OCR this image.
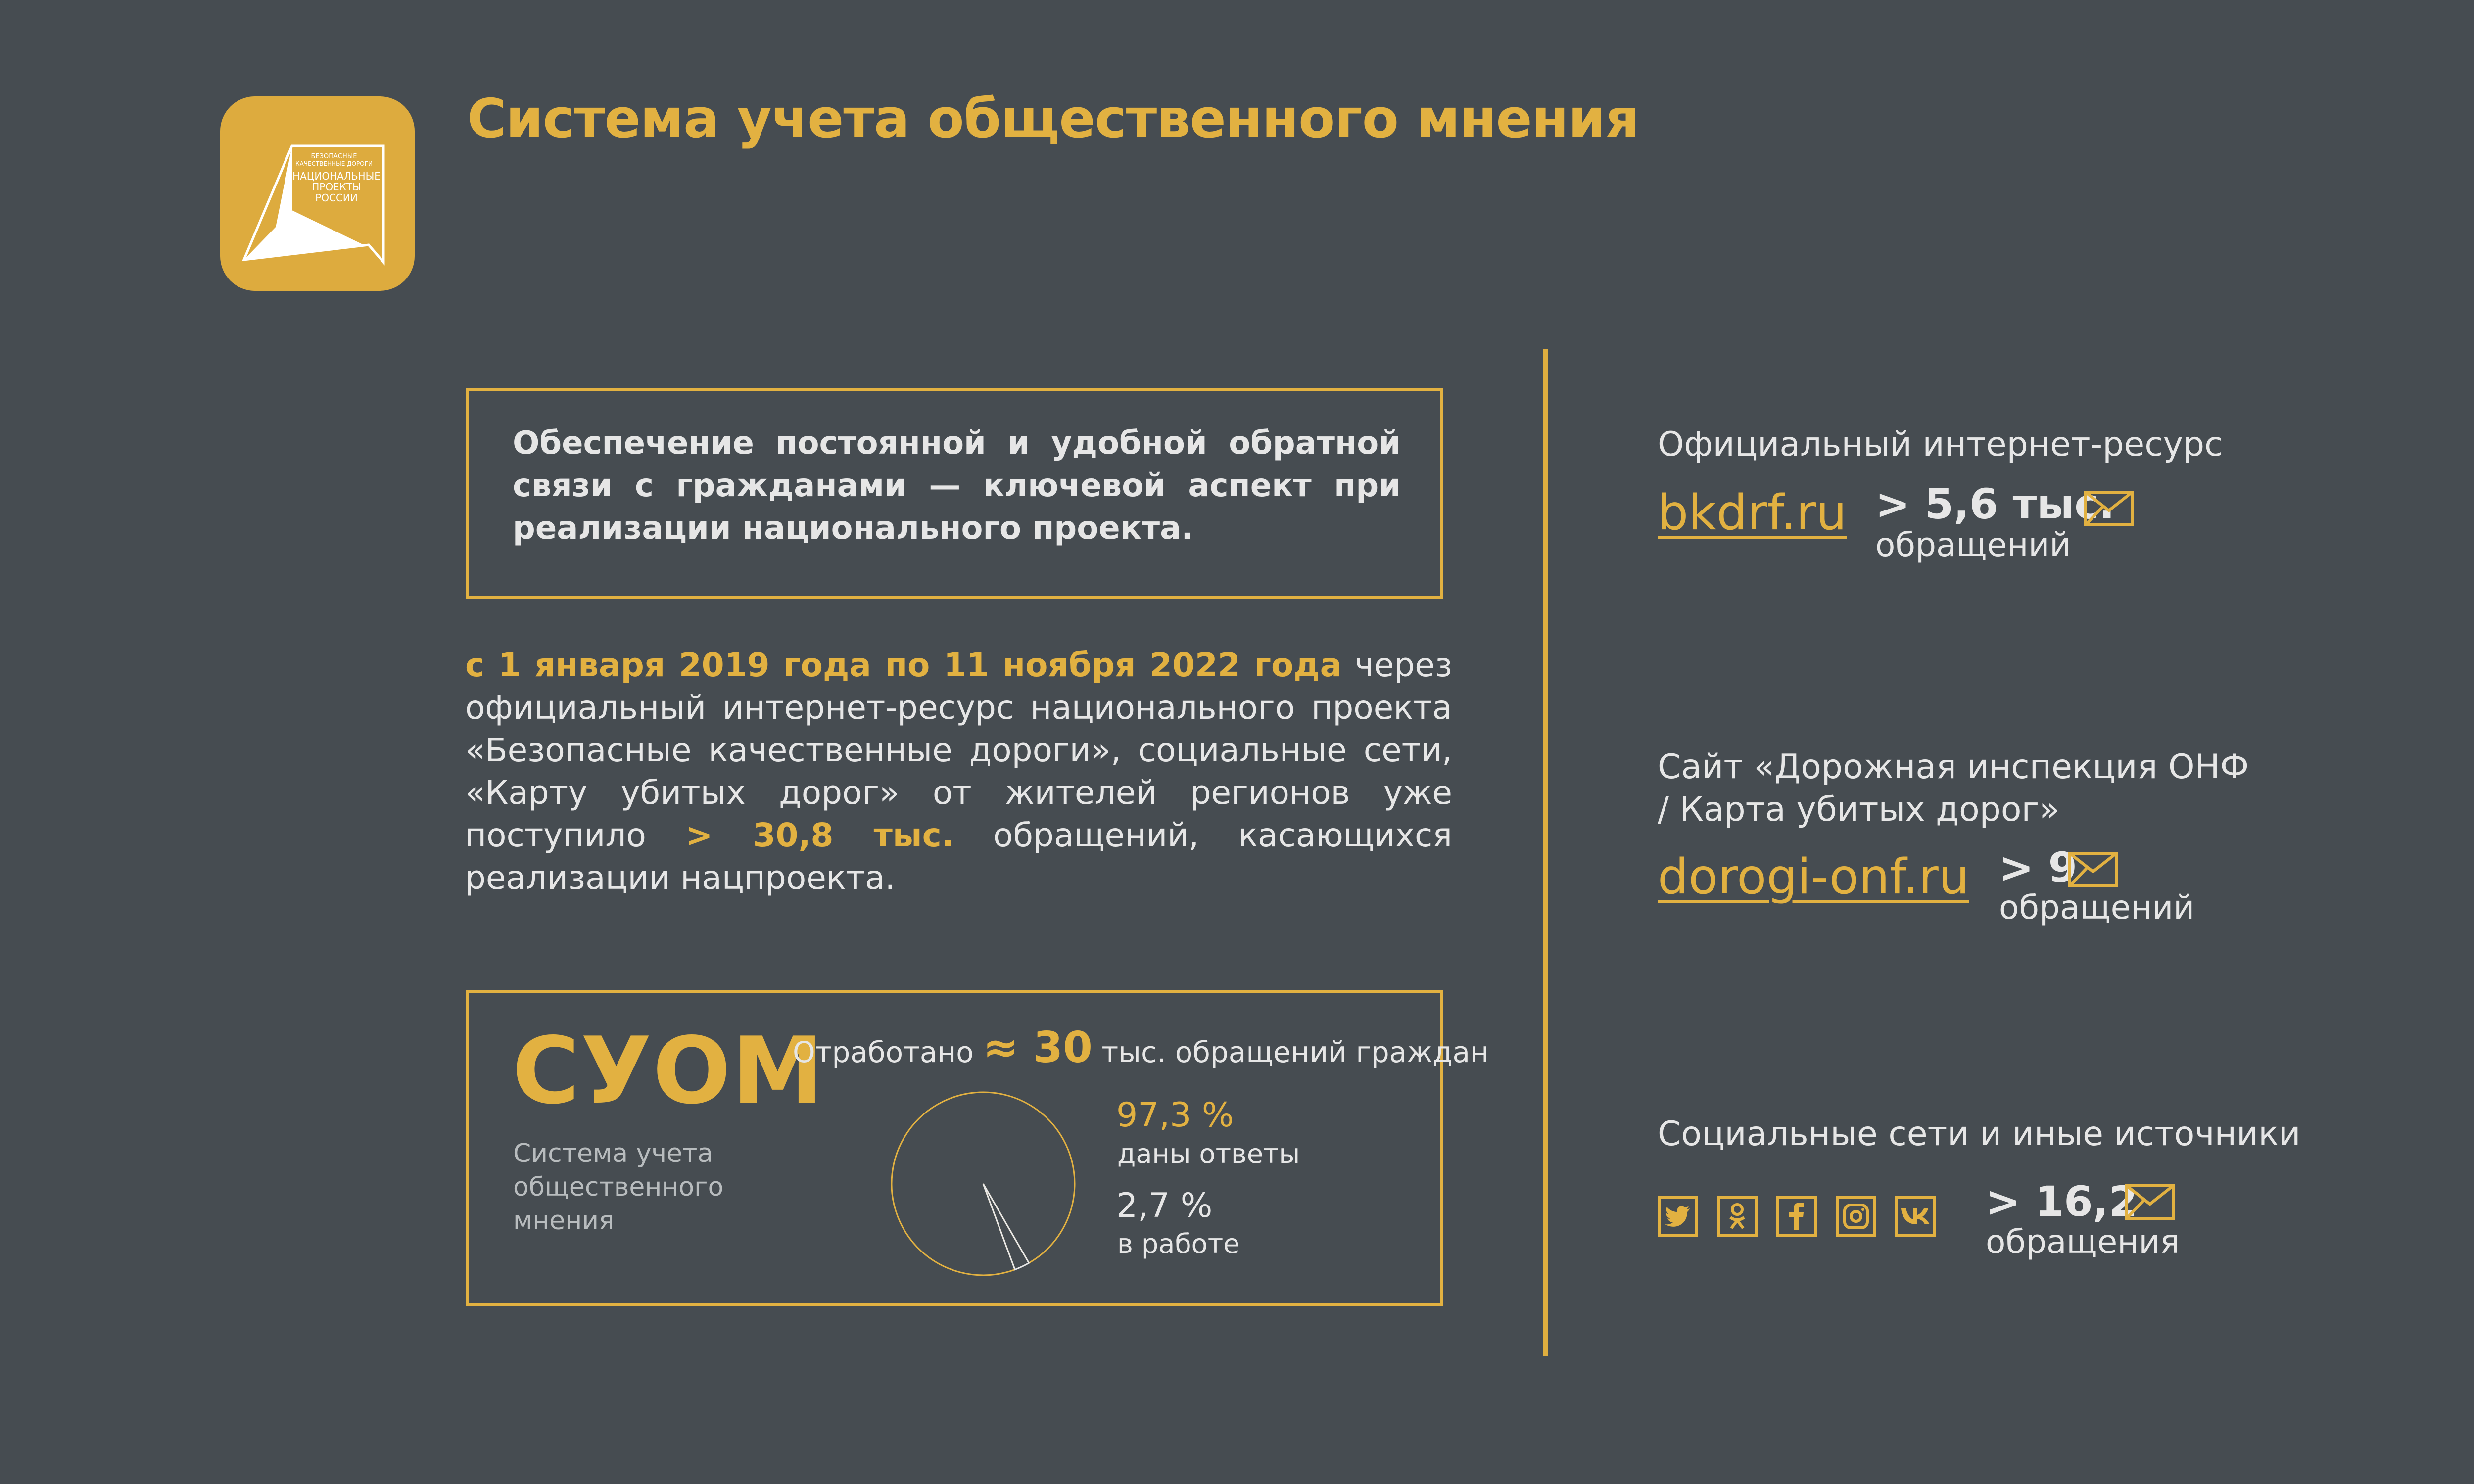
БЕЗОПАСНЫЕ
КАЧЕСТВЕННЫЕ ДОРОГИ
НАЦИОНАЛЬНЫЕ
ПРОЕКТЫ
РОССИИ
Система учета общественного мнения
Обеспечение постоянной и удобной обратной связи с гражданами — ключевой аспект при реализации национального проекта.
с 1 января 2019 года по 11 ноября 2022 года через официальный интернет-ресурс национального проекта «Безопасные качественные дороги», социальные сети, «Карту убитых дорог» от жителей регионов уже поступило > 30,8 тыс. обращений, касающихся реализации нацпроекта.
СУОМ
Система учета общественного мнения
Отработано ≈ 30 тыс. обращений граждан
97,3 %
даны ответы
2,7 %
в работе
Официальный интернет-ресурс
bkdrf.ru > 5,6 тыс.
обращений
Сайт «Дорожная инспекция ОНФ
/ Карта убитых дорог»
dorogi-onf.ru > 9
обращений
Социальные сети и иные источники
> 16,2
обращения
